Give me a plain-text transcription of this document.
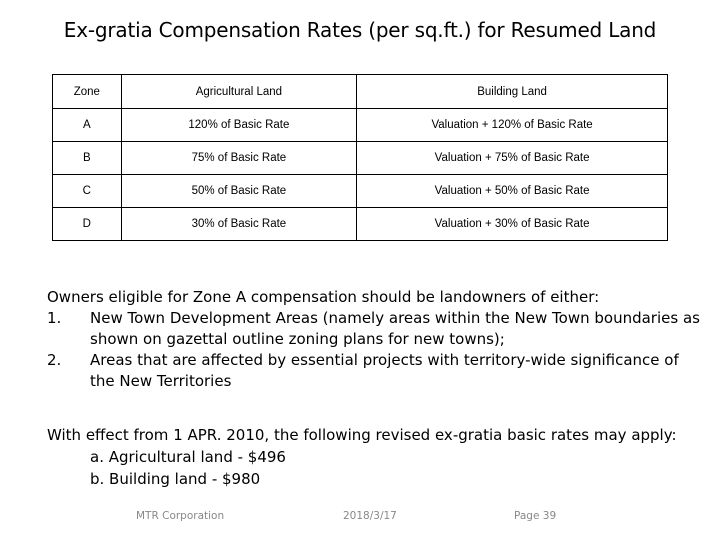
Ex-gratia Compensation Rates (per sq.ft.) for Resumed Land
Zone	Agricultural Land	Building Land
A	120% of Basic Rate	Valuation + 120% of Basic Rate
B	75% of Basic Rate	Valuation + 75% of Basic Rate
C	50% of Basic Rate	Valuation + 50% of Basic Rate
D	30% of Basic Rate	Valuation + 30% of Basic Rate
Owners eligible for Zone A compensation should be landowners of either:
1. New Town Development Areas (namely areas within the New Town boundaries as shown on gazettal outline zoning plans for new towns);
2. Areas that are affected by essential projects with territory-wide significance of the New Territories
With effect from 1 APR. 2010, the following revised ex-gratia basic rates may apply:
a. Agricultural land - $496
b. Building land - $980
MTR Corporation	2018/3/17	Page 39
